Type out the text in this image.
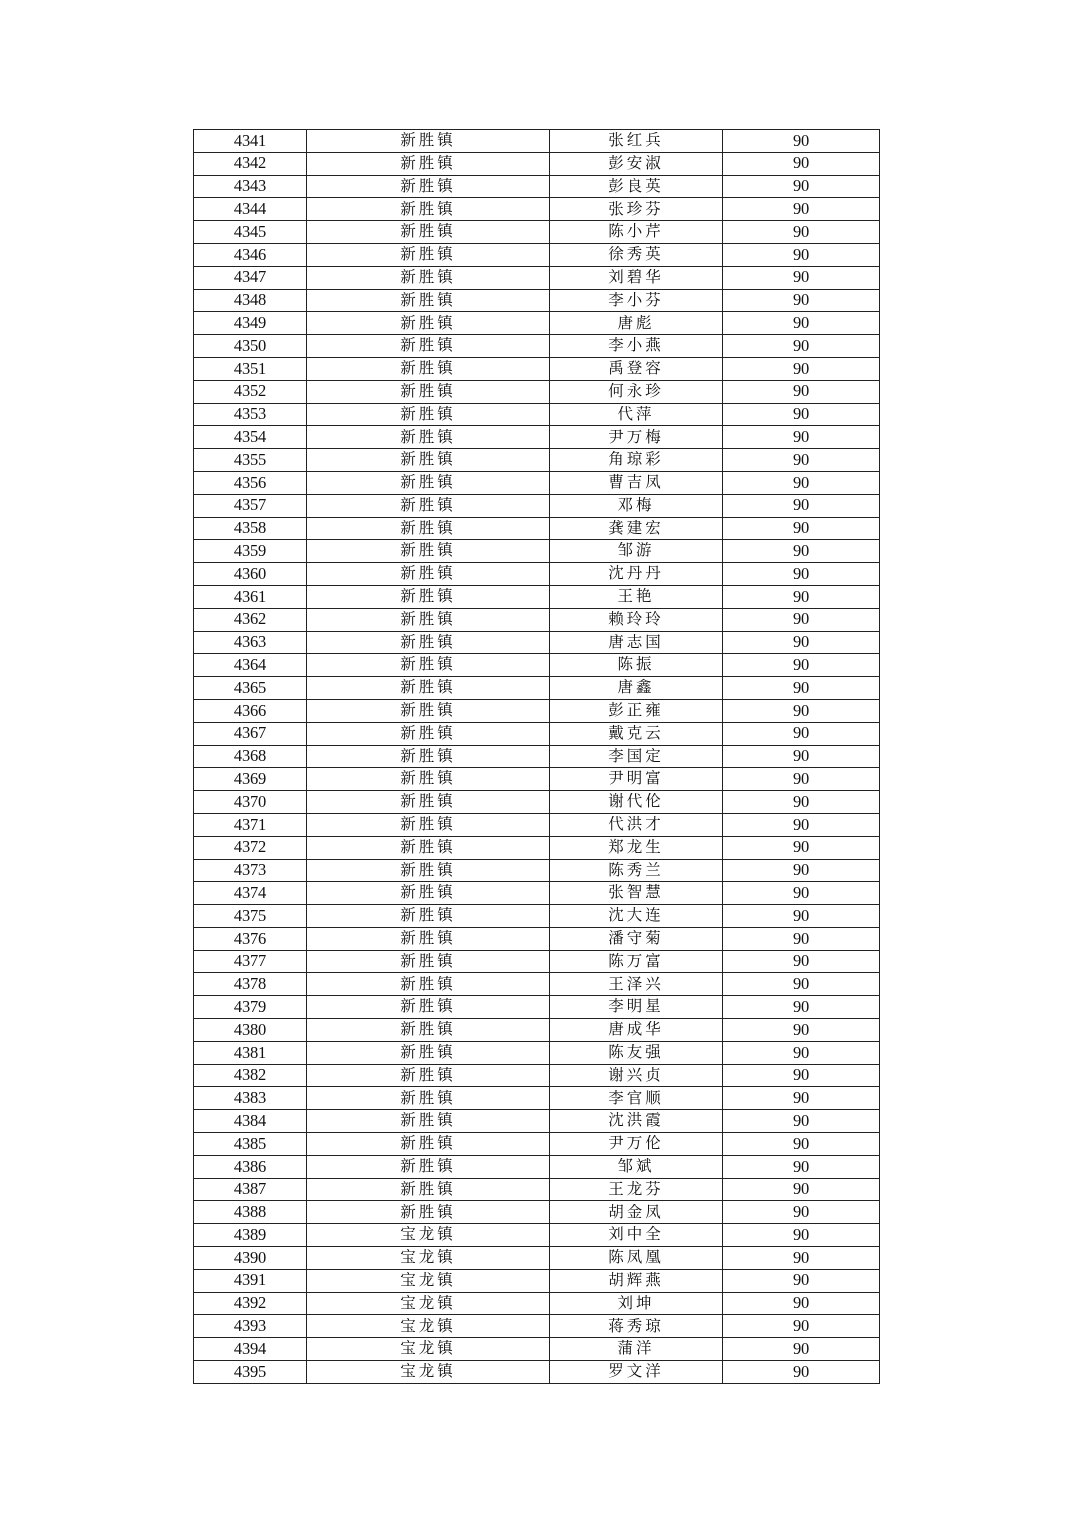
4341	新胜镇	张红兵	90
4342	新胜镇	彭安淑	90
4343	新胜镇	彭良英	90
4344	新胜镇	张珍芬	90
4345	新胜镇	陈小芹	90
4346	新胜镇	徐秀英	90
4347	新胜镇	刘碧华	90
4348	新胜镇	李小芬	90
4349	新胜镇	唐彪	90
4350	新胜镇	李小燕	90
4351	新胜镇	禹登容	90
4352	新胜镇	何永珍	90
4353	新胜镇	代萍	90
4354	新胜镇	尹万梅	90
4355	新胜镇	角琼彩	90
4356	新胜镇	曹吉凤	90
4357	新胜镇	邓梅	90
4358	新胜镇	龚建宏	90
4359	新胜镇	邹游	90
4360	新胜镇	沈丹丹	90
4361	新胜镇	王艳	90
4362	新胜镇	赖玲玲	90
4363	新胜镇	唐志国	90
4364	新胜镇	陈振	90
4365	新胜镇	唐鑫	90
4366	新胜镇	彭正雍	90
4367	新胜镇	戴克云	90
4368	新胜镇	李国定	90
4369	新胜镇	尹明富	90
4370	新胜镇	谢代伦	90
4371	新胜镇	代洪才	90
4372	新胜镇	郑龙生	90
4373	新胜镇	陈秀兰	90
4374	新胜镇	张智慧	90
4375	新胜镇	沈大连	90
4376	新胜镇	潘守菊	90
4377	新胜镇	陈万富	90
4378	新胜镇	王泽兴	90
4379	新胜镇	李明星	90
4380	新胜镇	唐成华	90
4381	新胜镇	陈友强	90
4382	新胜镇	谢兴贞	90
4383	新胜镇	李官顺	90
4384	新胜镇	沈洪霞	90
4385	新胜镇	尹万伦	90
4386	新胜镇	邹斌	90
4387	新胜镇	王龙芬	90
4388	新胜镇	胡金凤	90
4389	宝龙镇	刘中全	90
4390	宝龙镇	陈凤凰	90
4391	宝龙镇	胡辉燕	90
4392	宝龙镇	刘坤	90
4393	宝龙镇	蒋秀琼	90
4394	宝龙镇	蒲洋	90
4395	宝龙镇	罗文洋	90
